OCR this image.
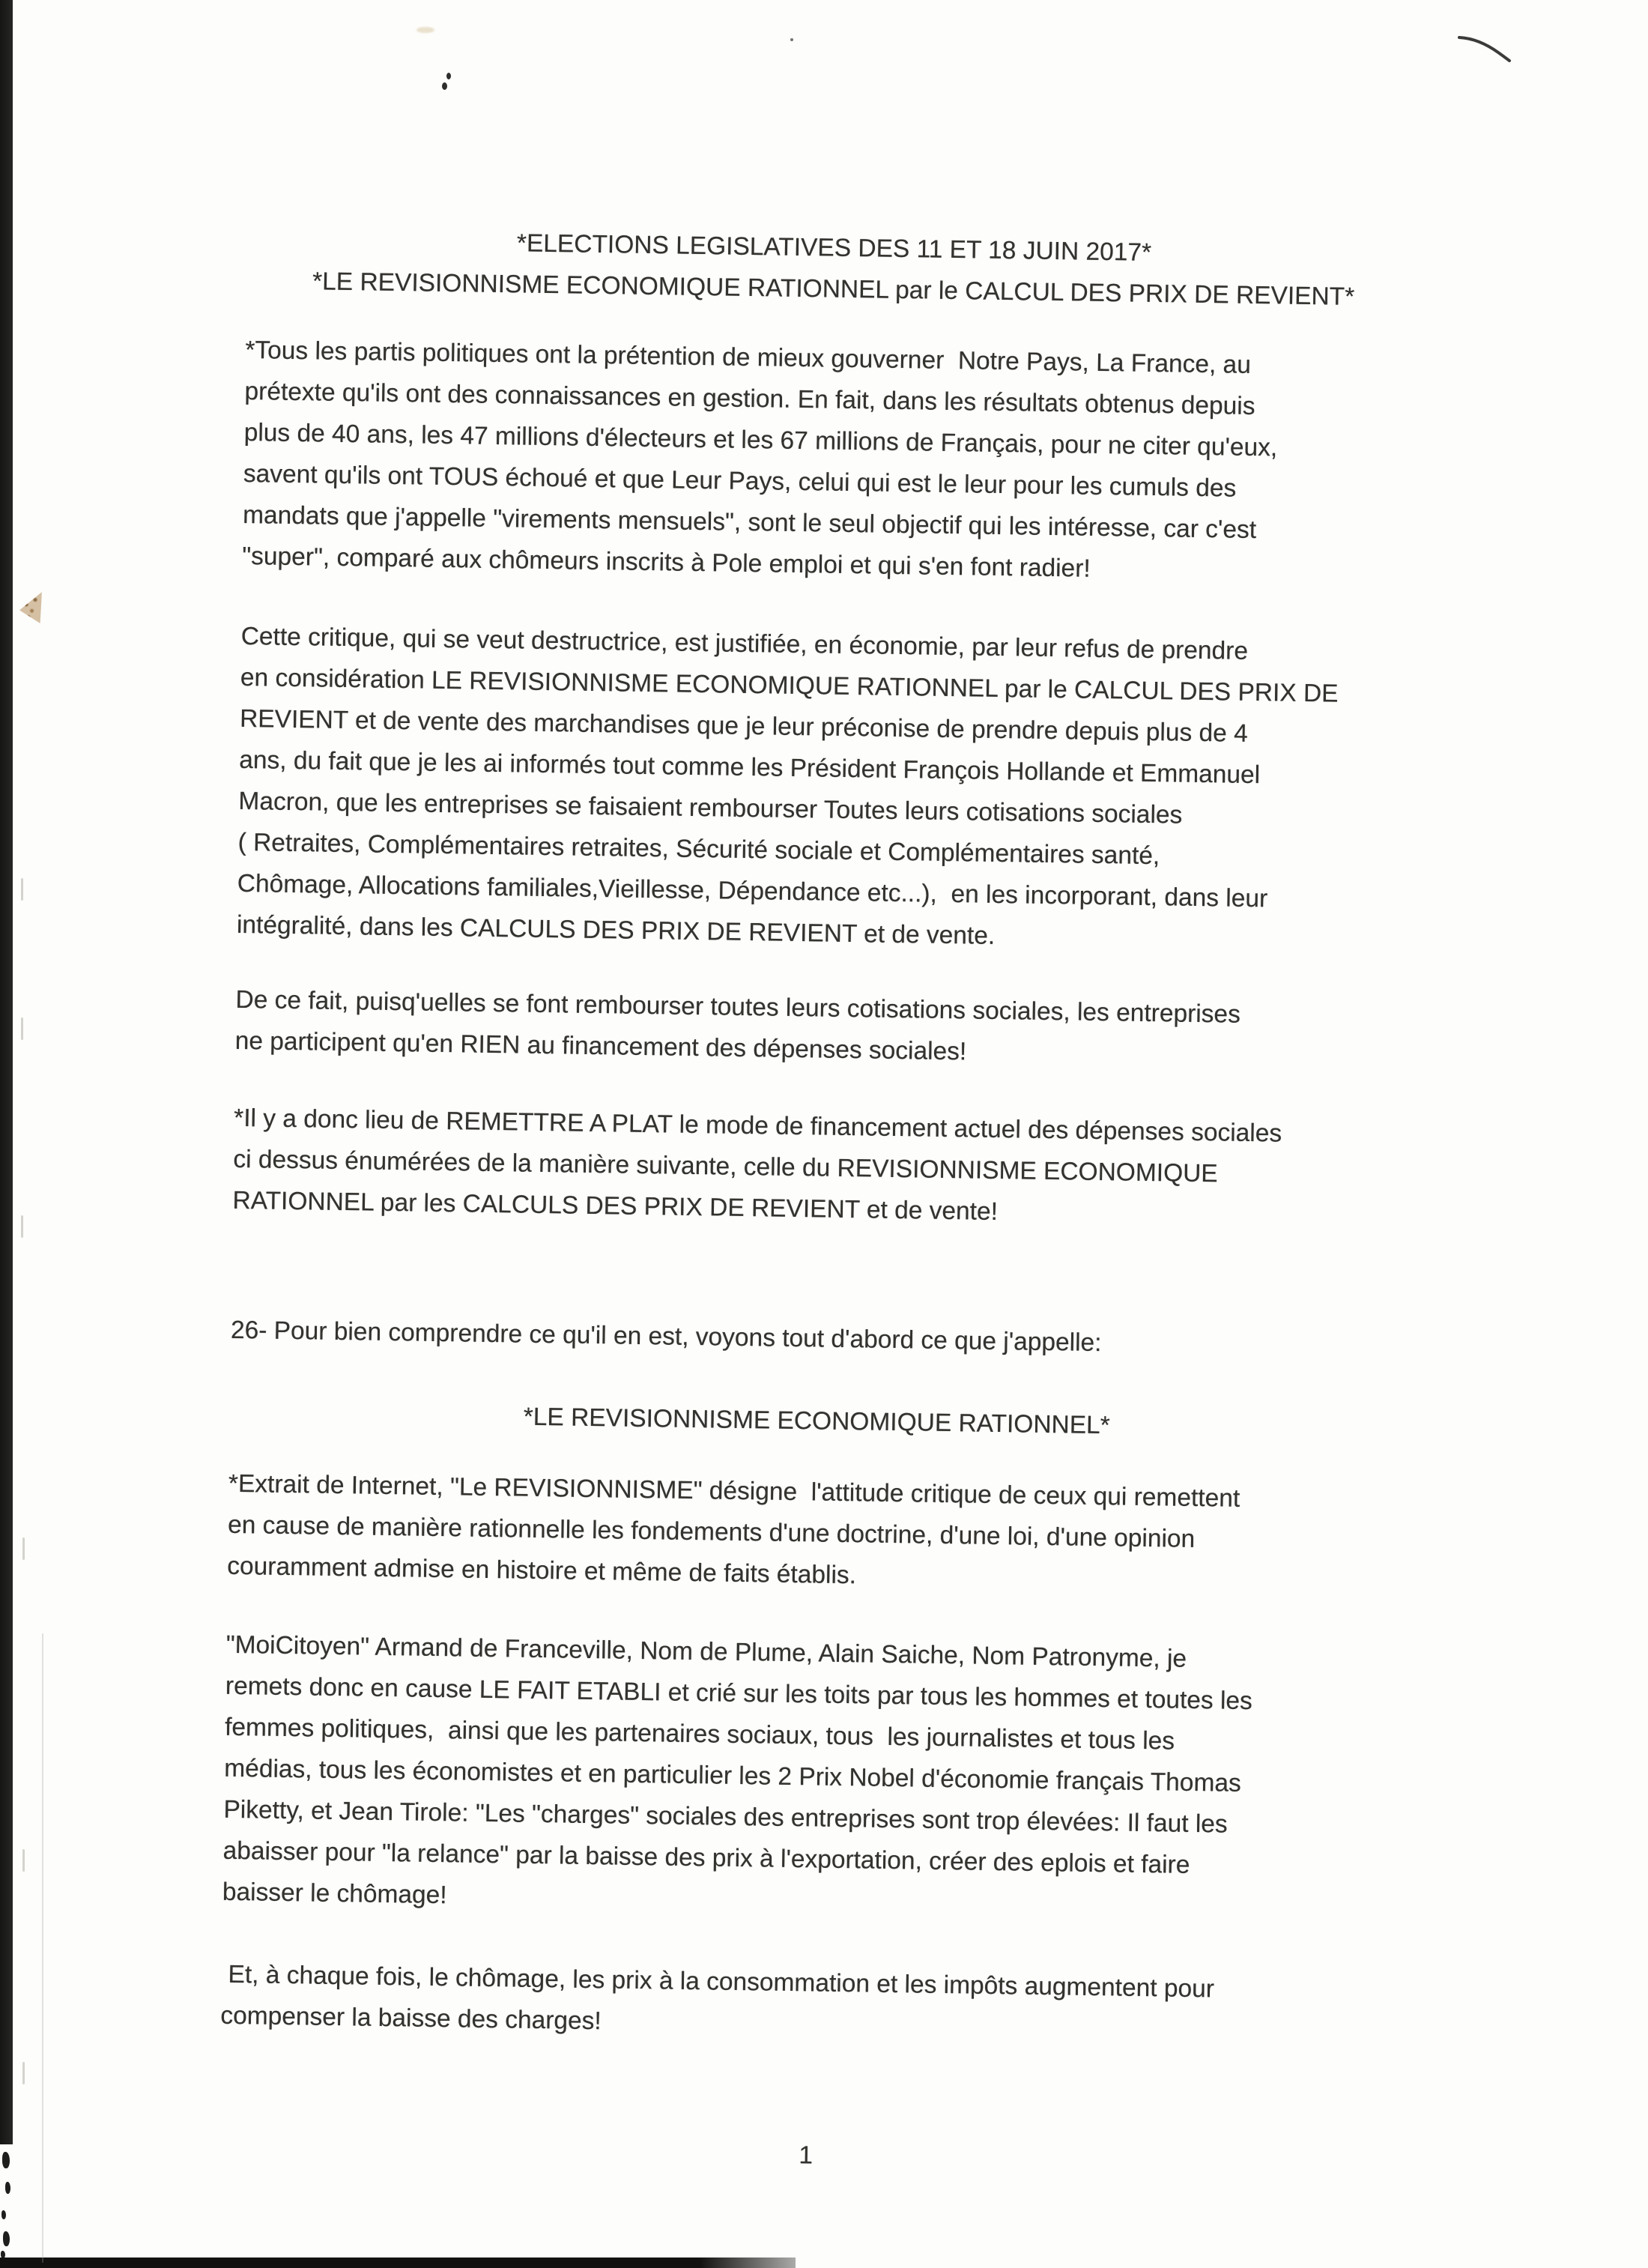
*ELECTIONS LEGISLATIVES DES 11 ET 18 JUIN 2017*

*LE REVISIONNISME ECONOMIQUE RATIONNEL par le CALCUL DES PRIX DE REVIENT*

*Tous les partis politiques ont la prétention de mieux gouverner  Notre Pays, La France, au
prétexte qu'ils ont des connaissances en gestion. En fait, dans les résultats obtenus depuis
plus de 40 ans, les 47 millions d'électeurs et les 67 millions de Français, pour ne citer qu'eux,
savent qu'ils ont TOUS échoué et que Leur Pays, celui qui est le leur pour les cumuls des
mandats que j'appelle "virements mensuels", sont le seul objectif qui les intéresse, car c'est
"super", comparé aux chômeurs inscrits à Pole emploi et qui s'en font radier!

Cette critique, qui se veut destructrice, est justifiée, en économie, par leur refus de prendre
en considération LE REVISIONNISME ECONOMIQUE RATIONNEL par le CALCUL DES PRIX DE
REVIENT et de vente des marchandises que je leur préconise de prendre depuis plus de 4
ans, du fait que je les ai informés tout comme les Président François Hollande et Emmanuel
Macron, que les entreprises se faisaient rembourser Toutes leurs cotisations sociales
( Retraites, Complémentaires retraites, Sécurité sociale et Complémentaires santé,
Chômage, Allocations familiales,Vieillesse, Dépendance etc...),  en les incorporant, dans leur
intégralité, dans les CALCULS DES PRIX DE REVIENT et de vente.

De ce fait, puisq'uelles se font rembourser toutes leurs cotisations sociales, les entreprises
ne participent qu'en RIEN au financement des dépenses sociales!

*Il y a donc lieu de REMETTRE A PLAT le mode de financement actuel des dépenses sociales
ci dessus énumérées de la manière suivante, celle du REVISIONNISME ECONOMIQUE
RATIONNEL par les CALCULS DES PRIX DE REVIENT et de vente!

26- Pour bien comprendre ce qu'il en est, voyons tout d'abord ce que j'appelle:

*LE REVISIONNISME ECONOMIQUE RATIONNEL*

*Extrait de Internet, "Le REVISIONNISME" désigne  l'attitude critique de ceux qui remettent
en cause de manière rationnelle les fondements d'une doctrine, d'une loi, d'une opinion
couramment admise en histoire et même de faits établis.

"MoiCitoyen" Armand de Franceville, Nom de Plume, Alain Saiche, Nom Patronyme, je
remets donc en cause LE FAIT ETABLI et crié sur les toits par tous les hommes et toutes les
femmes politiques,  ainsi que les partenaires sociaux, tous  les journalistes et tous les
médias, tous les économistes et en particulier les 2 Prix Nobel d'économie français Thomas
Piketty, et Jean Tirole: "Les "charges" sociales des entreprises sont trop élevées: Il faut les
abaisser pour "la relance" par la baisse des prix à l'exportation, créer des eplois et faire
baisser le chômage!

Et, à chaque fois, le chômage, les prix à la consommation et les impôts augmentent pour
compenser la baisse des charges!

1
